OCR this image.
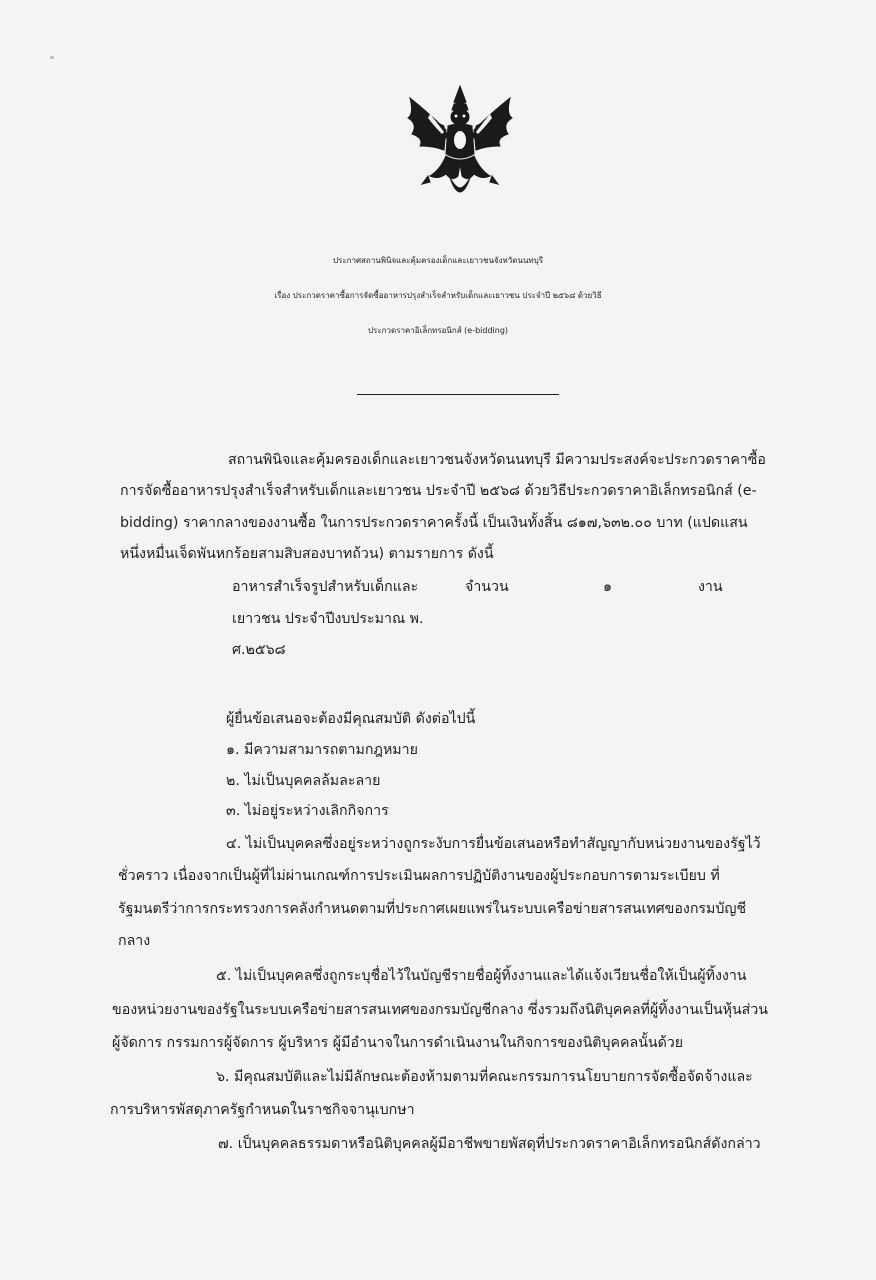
ประกาศสถานพินิจและคุ้มครองเด็กและเยาวชนจังหวัดนนทบุรี
เรื่อง ประกวดราคาซื้อการจัดซื้ออาหารปรุงสำเร็จสำหรับเด็กและเยาวชน ประจำปี ๒๕๖๘ ด้วยวิธี
ประกวดราคาอิเล็กทรอนิกส์ (e-bidding)
สถานพินิจและคุ้มครองเด็กและเยาวชนจังหวัดนนทบุรี มีความประสงค์จะประกวดราคาซื้อ
การจัดซื้ออาหารปรุงสำเร็จสำหรับเด็กและเยาวชน ประจำปี ๒๕๖๘ ด้วยวิธีประกวดราคาอิเล็กทรอนิกส์ (e-
bidding) ราคากลางของงานซื้อ ในการประกวดราคาครั้งนี้ เป็นเงินทั้งสิ้น ๘๑๗,๖๓๒.๐๐ บาท (แปดแสน
หนึ่งหมื่นเจ็ดพันหกร้อยสามสิบสองบาทถ้วน) ตามรายการ ดังนี้
อาหารสำเร็จรูปสำหรับเด็กและ
เยาวชน ประจำปีงบประมาณ พ.
ศ.๒๕๖๘
จำนวน	๑	งาน
ผู้ยื่นข้อเสนอจะต้องมีคุณสมบัติ ดังต่อไปนี้
๑. มีความสามารถตามกฎหมาย
๒. ไม่เป็นบุคคลล้มละลาย
๓. ไม่อยู่ระหว่างเลิกกิจการ
๔. ไม่เป็นบุคคลซึ่งอยู่ระหว่างถูกระงับการยื่นข้อเสนอหรือทำสัญญากับหน่วยงานของรัฐไว้
ชั่วคราว เนื่องจากเป็นผู้ที่ไม่ผ่านเกณฑ์การประเมินผลการปฏิบัติงานของผู้ประกอบการตามระเบียบ ที่
รัฐมนตรีว่าการกระทรวงการคลังกำหนดตามที่ประกาศเผยแพร่ในระบบเครือข่ายสารสนเทศของกรมบัญชี
กลาง
๕. ไม่เป็นบุคคลซึ่งถูกระบุชื่อไว้ในบัญชีรายชื่อผู้ทิ้งงานและได้แจ้งเวียนชื่อให้เป็นผู้ทิ้งงาน
ของหน่วยงานของรัฐในระบบเครือข่ายสารสนเทศของกรมบัญชีกลาง ซึ่งรวมถึงนิติบุคคลที่ผู้ทิ้งงานเป็นหุ้นส่วน
ผู้จัดการ กรรมการผู้จัดการ ผู้บริหาร ผู้มีอำนาจในการดำเนินงานในกิจการของนิติบุคคลนั้นด้วย
๖. มีคุณสมบัติและไม่มีลักษณะต้องห้ามตามที่คณะกรรมการนโยบายการจัดซื้อจัดจ้างและ
การบริหารพัสดุภาครัฐกำหนดในราชกิจจานุเบกษา
๗. เป็นบุคคลธรรมดาหรือนิติบุคคลผู้มีอาชีพขายพัสดุที่ประกวดราคาอิเล็กทรอนิกส์ดังกล่าว
